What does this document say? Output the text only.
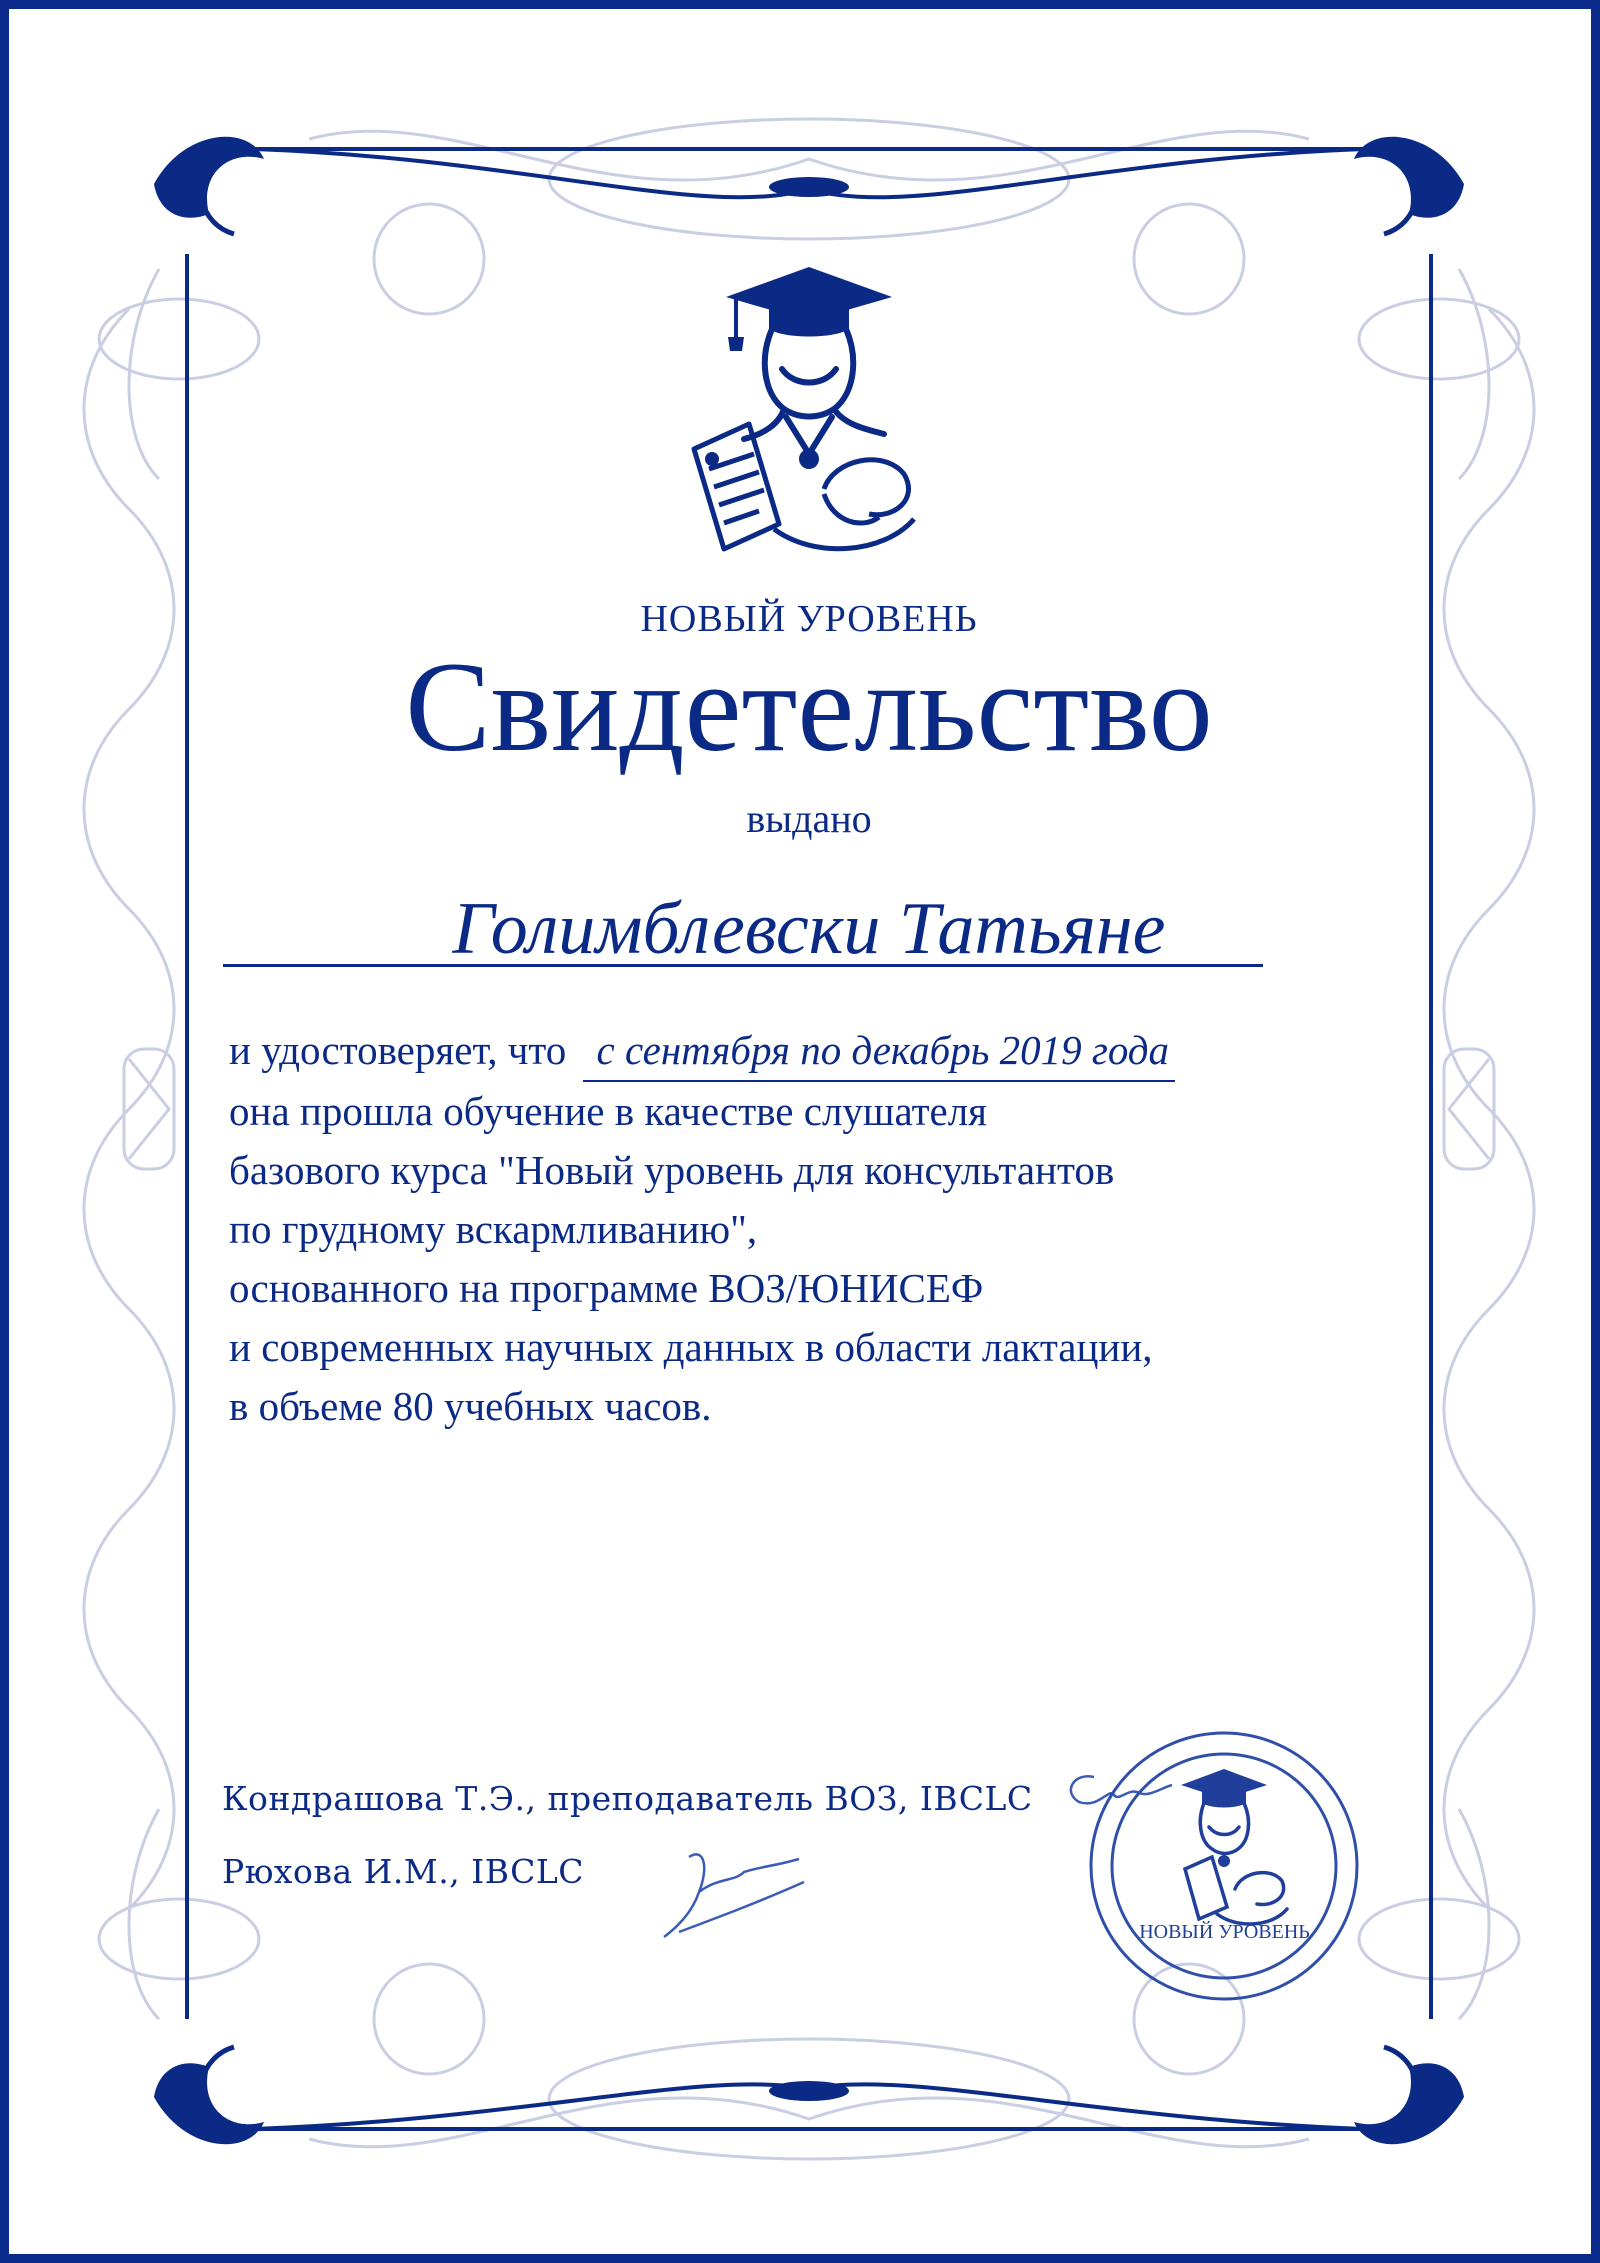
НОВЫЙ УРОВЕНЬ
Свидетельство
выдано
Голимблевски Татьяне
и удостоверяет, что с сентября по декабрь 2019 года
она прошла обучение в качестве слушателя
базового курса "Новый уровень для консультантов
по грудному вскармливанию",
основанного на программе ВОЗ/ЮНИСЕФ
и современных научных данных в области лактации,
в объеме 80 учебных часов.
Кондрашова Т.Э., преподаватель ВОЗ, IBCLC
Рюхова И.М., IBCLC
НОВЫЙ УРОВЕНЬ
